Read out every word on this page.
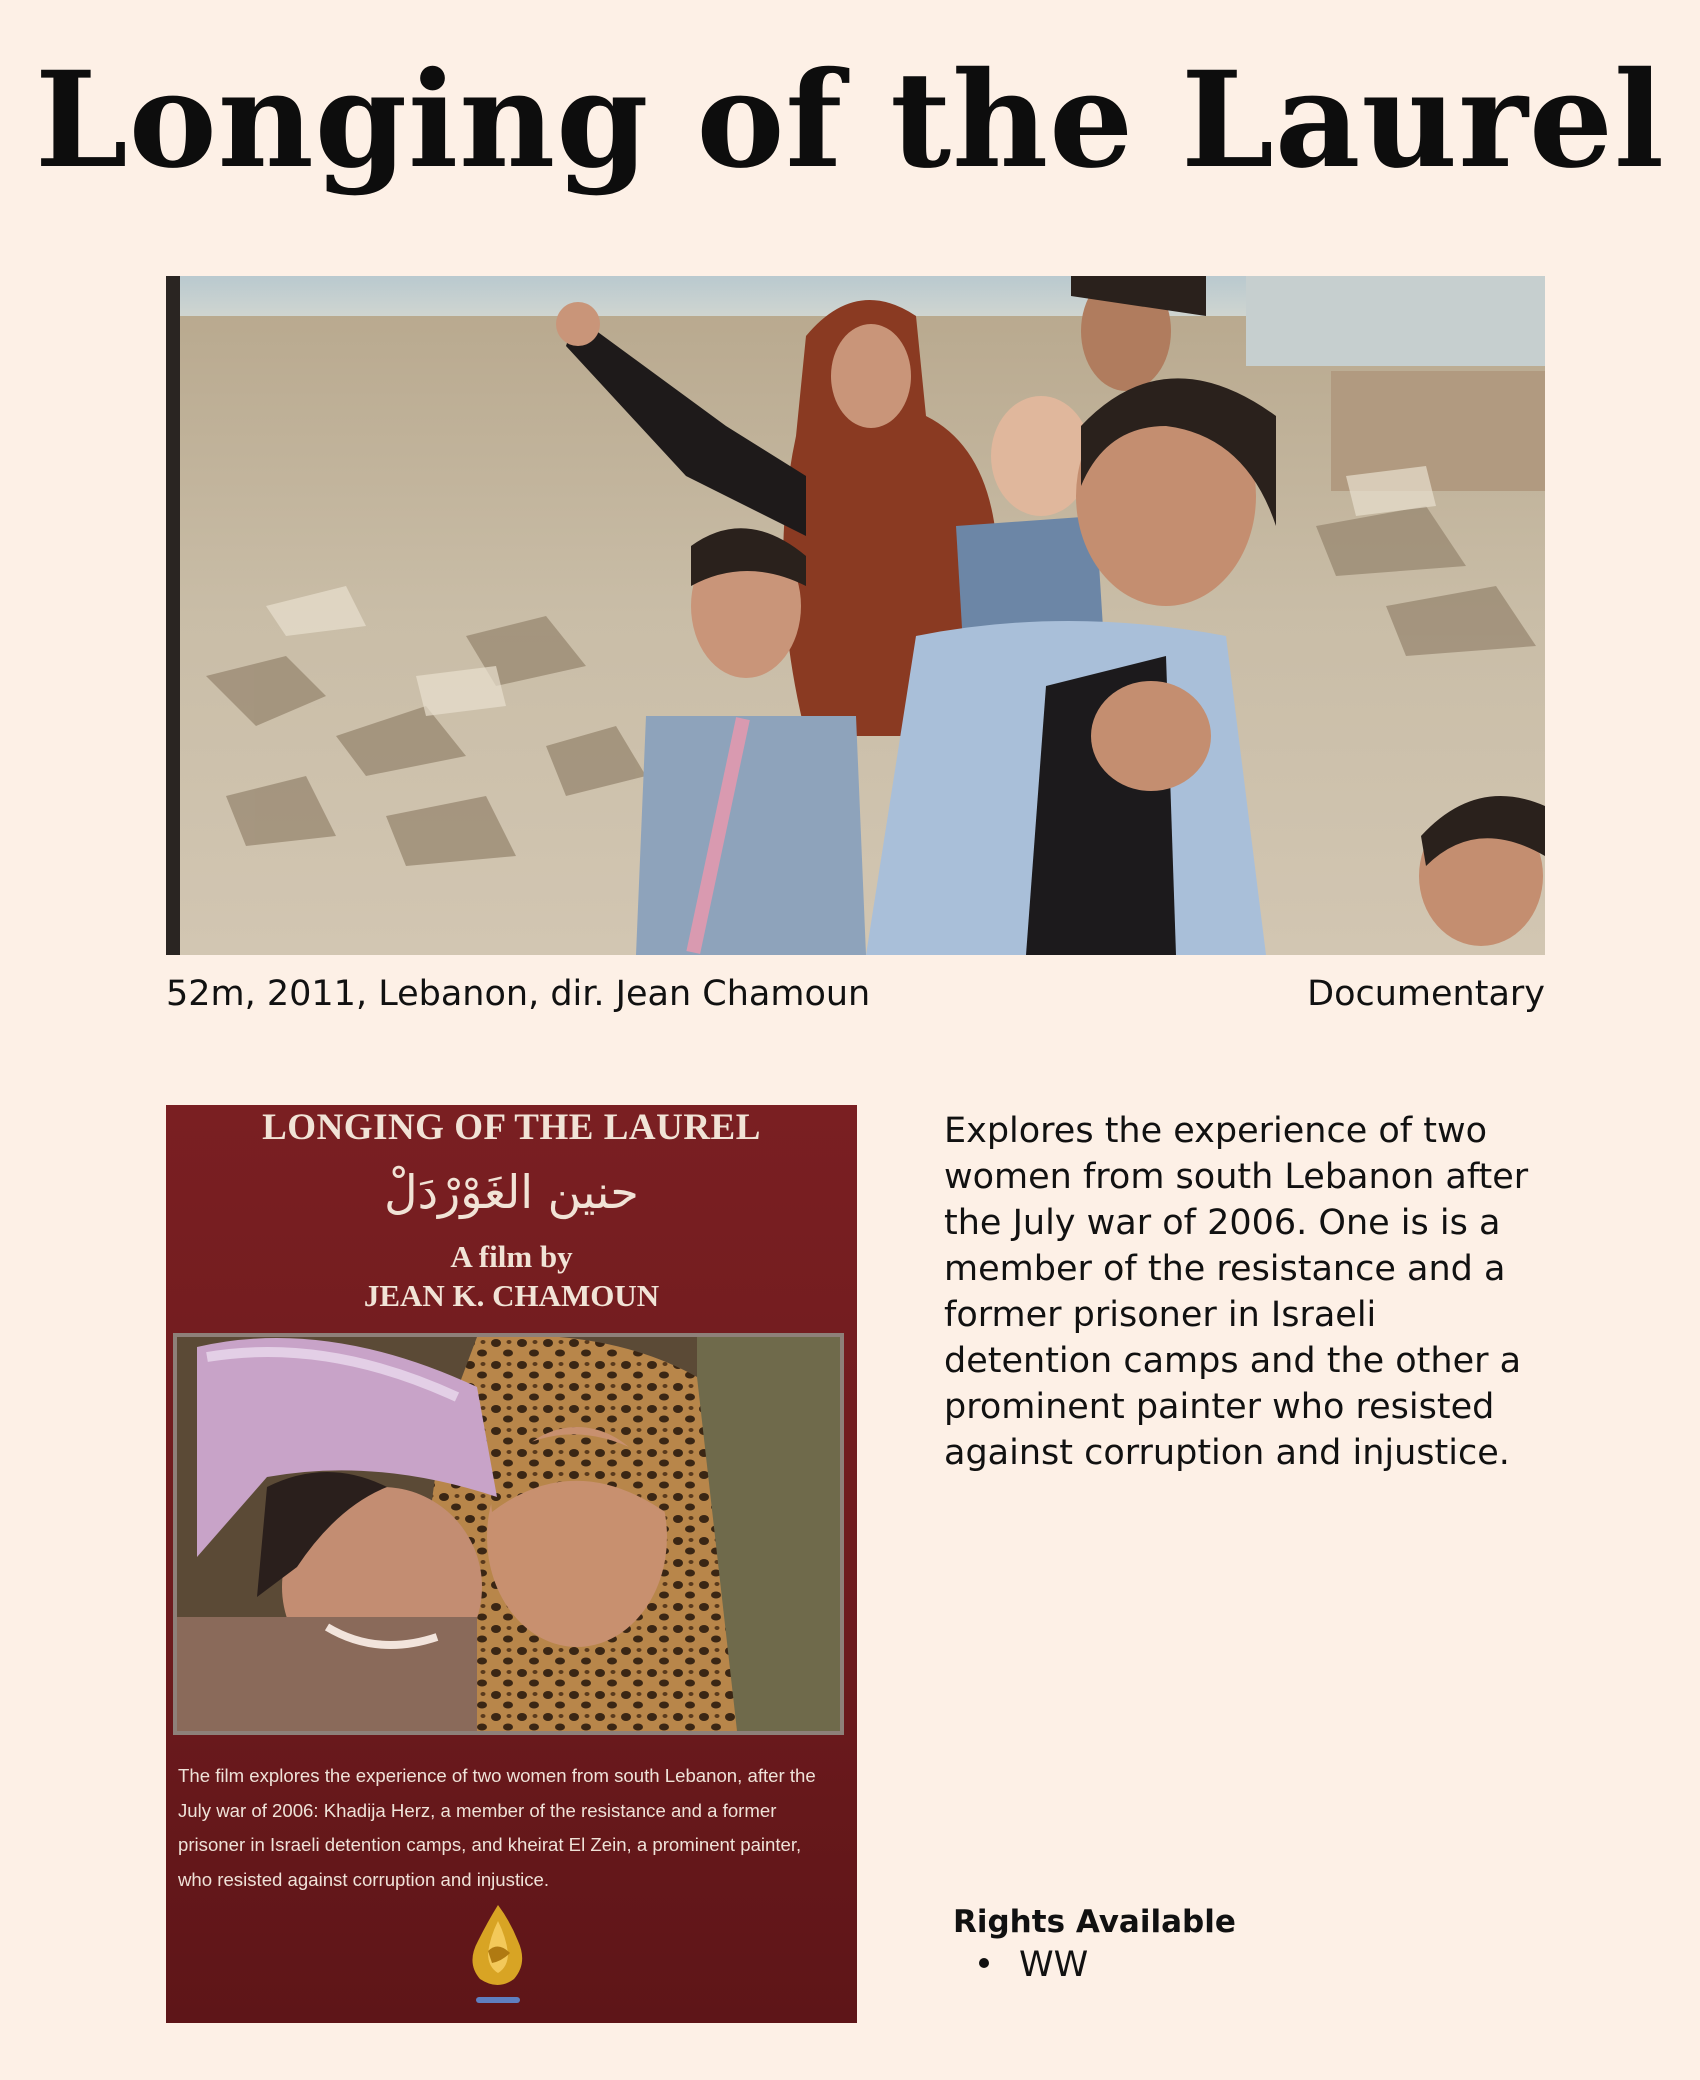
Longing of the Laurel
52m, 2011, Lebanon, dir. Jean Chamoun	Documentary
LONGING OF THE LAUREL
حنين الغَوْرْدَلْ
A film by
JEAN K. CHAMOUN
The film explores the experience of two women from south Lebanon, after the July war of 2006: Khadija Herz, a member of the resistance and a former prisoner in Israeli detention camps, and kheirat El Zein, a prominent painter, who resisted against corruption and injustice.

Explores the experience of two women from south Lebanon after the July war of 2006. One is is a member of the resistance and a former prisoner in Israeli detention camps and the other a prominent painter who resisted against corruption and injustice.

Rights Available
WW
